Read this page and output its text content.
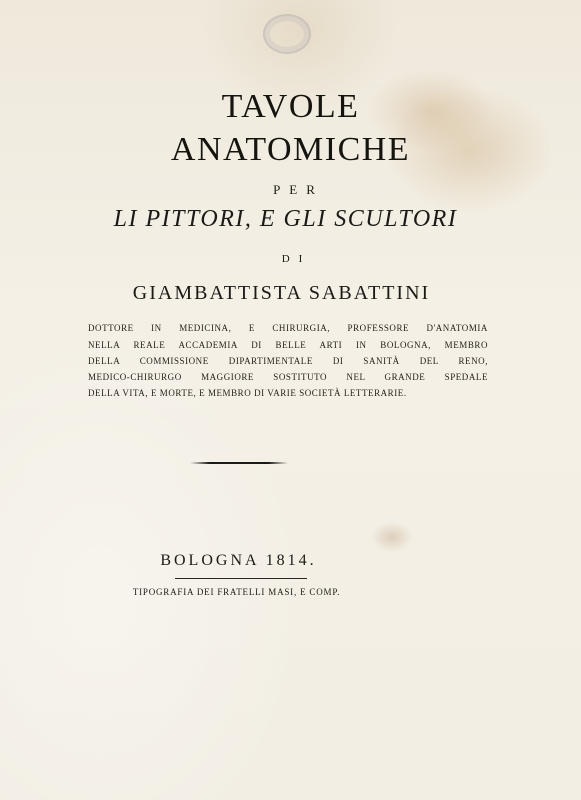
TAVOLE
ANATOMICHE
PER
LI PITTORI, E GLI SCULTORI
DI
GIAMBATTISTA SABATTINI
DOTTORE IN MEDICINA, E CHIRURGIA, PROFESSORE D'ANATOMIA
NELLA REALE ACCADEMIA DI BELLE ARTI IN BOLOGNA, MEMBRO
DELLA COMMISSIONE DIPARTIMENTALE DI SANITÀ DEL RENO,
MEDICO-CHIRURGO MAGGIORE SOSTITUTO NEL GRANDE SPEDALE
DELLA VITA, E MORTE, E MEMBRO DI VARIE SOCIETÀ LETTERARIE.
BOLOGNA 1814.
TIPOGRAFIA DEI FRATELLI MASI, E COMP.
